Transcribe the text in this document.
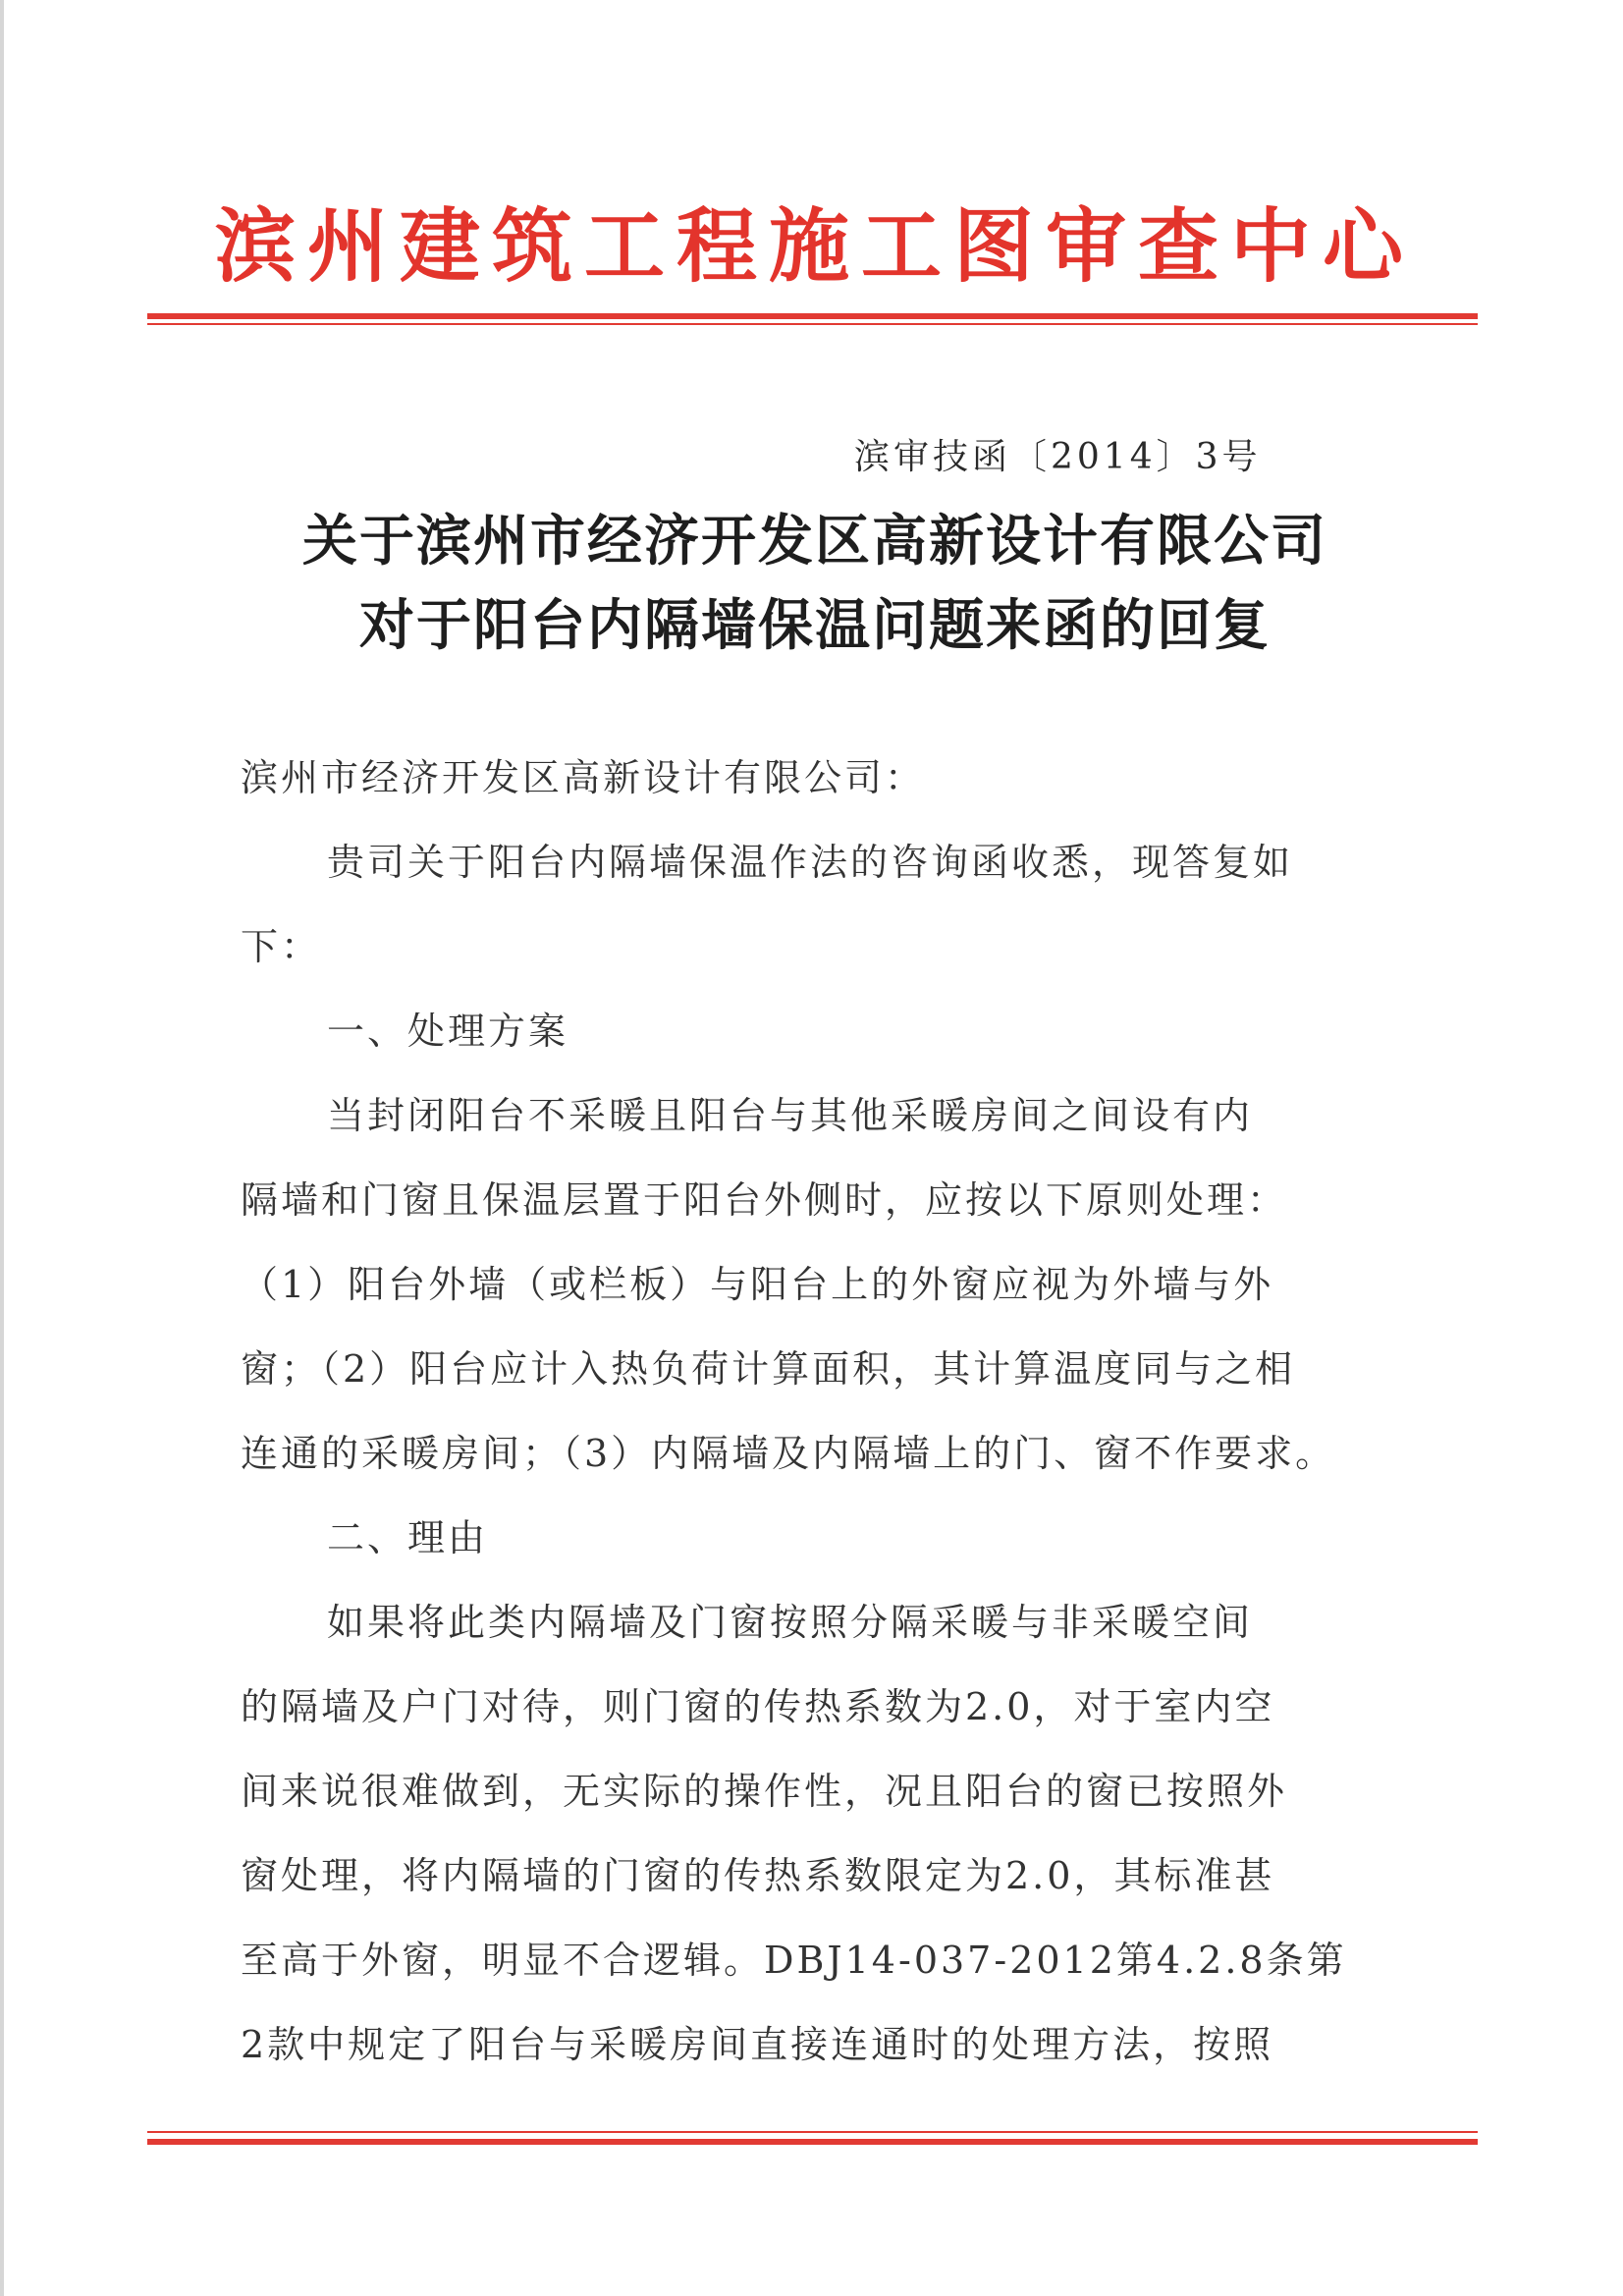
滨州建筑工程施工图审查中心
滨审技函〔2014〕3号
关于滨州市经济开发区高新设计有限公司
对于阳台内隔墙保温问题来函的回复
滨州市经济开发区高新设计有限公司：
贵司关于阳台内隔墙保温作法的咨询函收悉，现答复如
下：
一、处理方案
当封闭阳台不采暖且阳台与其他采暖房间之间设有内
隔墙和门窗且保温层置于阳台外侧时，应按以下原则处理：
（1）阳台外墙（或栏板）与阳台上的外窗应视为外墙与外
窗；（2）阳台应计入热负荷计算面积，其计算温度同与之相
连通的采暖房间；（3）内隔墙及内隔墙上的门、窗不作要求。
二、理由
如果将此类内隔墙及门窗按照分隔采暖与非采暖空间
的隔墙及户门对待，则门窗的传热系数为2.0，对于室内空
间来说很难做到，无实际的操作性，况且阳台的窗已按照外
窗处理，将内隔墙的门窗的传热系数限定为2.0，其标准甚
至高于外窗，明显不合逻辑。DBJ14-037-2012第4.2.8条第
2款中规定了阳台与采暖房间直接连通时的处理方法，按照
